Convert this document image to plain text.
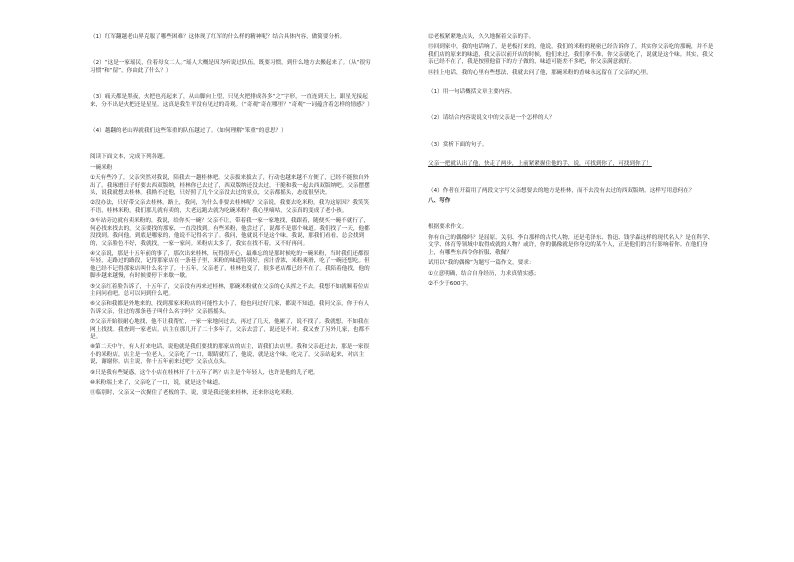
（1）红军翻越老山界克服了哪些困难？这体现了红军的什么样的精神呢？结合具体内容，做简要分析。

（2）“这是一家瑶民，住着母女二人。”瑶人大概是因为听说过队伍，既要习惯，到什么地方去搬起来了。（从“很穷习惯”和“留”，你由此了什么？）

（3）痛天都是黑夜，火把也亮起来了，从山脚向上望，只见火把排成各多“之”字形，一直连到天上，跟星光接起来，分不出是火把还是星星。这真是我生平没有见过的奇观。（“奇观”奇在哪里？“奇观”一词蕴含着怎样的情感？）

（4）越翻的老山界就我们这些笨重的队伍越过了。（如何理解“笨重”的意思？）

阅读下面文本，完成下列各题。

一碗米粉

①天有些冷了，父亲突然对我说，陪我去一趟桂林吧。父亲拔来拔去了，行动也越来越不方便了，已经不能独自外出了。我琢磨日子好要去西双版纳，桂林你已去过了，西双版纳还没去过。干脆和我一起去西双版纳吧。父亲摆摆头，说我就想去桂林。我拗不过他，只好照了几个父亲没去过的景点，父亲都摇头，态度很坚决。

②没办法，只好带父亲去桂林。路上，我问，为什么非要去桂林呢？父亲说，我要去吃米粉，我为这原因？我笑笑不语，桂林米粉，我们那儿就有卖的，大老远跑去就为吃碗米粉？我心里嘀咕，父亲真的变成了老小孩。

③车站旁边就有卖米粉的，我说，给你买一碗？父亲不让，带着我一家一家地找，我跟着，随便买一碗不就行了，何必找来找去的，父亲要找的那家，一直没找到。有些米粉，他尝过了，说都不是那个味道。我们找了一天，他都没找到。我问他，到底是哪家的，他说不记得名字了。我问，他就说不是这个味。我说，那我们看看，总会找到的，父亲脸色不好，我就找，一家一家问。米粉店太多了，我实在找不着，又不好再问。

④父亲说，那是十五年前的事了，那次出来桂林，玩得很开心，最难忘的是那时候吃的一碗米粉，当时我们还都很年轻，走路过的路段，记得那家店在一条巷子里，米粉的味道特别好，卤汁香浓，米粉爽滑，吃了一碗还想吃。但他已经不记得那家店叫什么名字了。十五年，父亲老了，桂林也变了，很多老店都已经不在了。我陪着他找，他的脚步越来越慢，有时候要停下来歇一歇。

⑤父亲红着脸告诉了，十五年了，父亲没有再来过桂林，那碗米粉就在父亲的心头挥之不去。我想不如就顺着位店主问问看吧，总可以问到什么吧。

⑥父亲和我都是外地来的，找到那家米粉店的可能性太小了，他也问过好几家，都说不知道。我问父亲，你于有人告诉父亲，住过的那条巷子叫什么名字吗？父亲摇摇头。

⑦父亲开始很耐心地找，他不让我帮忙，一家一家地问过去，再过了几天，他累了，说不找了。我就想，不如我在网上找找。我查到一家老店，店主在那儿开了二十多年了，父亲去尝了，说还是不对。我又查了另外几家，也都不是。

⑧第二天中午，有人打来电话，说他就是我们要找的那家店的店主，请我们去店里。我和父亲赶过去，那是一家很小的米粉店，店主是一位老人。父亲吃了一口，眼睛就红了，他说，就是这个味。吃完了，父亲站起来，对店主说，谢谢你。店主说，你十五年前来过吧？父亲点点头。

⑨只是我有些疑惑，这个小店在桂林开了十五年了吗？店主是个年轻人，也许是他的儿子吧。

⑩米粉端上来了，父亲吃了一口，说，就是这个味道。

⑪临别时，父亲又一次握住了老板的手，说，要是我还能来桂林，还来你这吃米粉。

⑫老板紧紧地点头，久久地握着父亲的手。

⑬回到家中，我的电话响了，是老板打来的，他说，我们的米粉的秘密已经告诉你了，其实你父亲吃的那碗，并不是我们店的原来的味道，我父亲以前开店的时候，他们来过，我们拿不准，你父亲就吃了，说就是这个味。其实，我父亲已经不在了，我是按照他留下的方子做的，味道可能差不多吧，你父亲满意就好。

⑭挂上电话，我的心里有些想法，我就去问了他，那碗米粉的香味永远留在了父亲的心里。

（1）用一句话概括文章主要内容。

（2）请结合内容说说文中的父亲是一个怎样的人？

（3）赏析下面的句子。

父亲一把就认出了他，快走了两步，上前紧紧握住他的手，说，可找到你了，可找到你了！

（4）作者在开篇用了两段文字写父亲想要去的地方是桂林，而不去没有去过的西双版纳。这样写用意何在？

八、写作

根据要求作文。

你有自己的偶像吗？是屈原、关羽、李白那样的古代人物，还是毛泽东、鲁迅、钱学森这样的现代名人？是在科学、文学、体育等领域中取得成就的人物？或许，你的偶像就是你身边的某个人，正是他们的言行影响着你。在他们身上，有哪些东西令你折服、敬佩？

试用以“我的偶像”为题写一篇作文，要求：

①立意明确，结合自身经历，力求真情实感；

②不少于600字。
